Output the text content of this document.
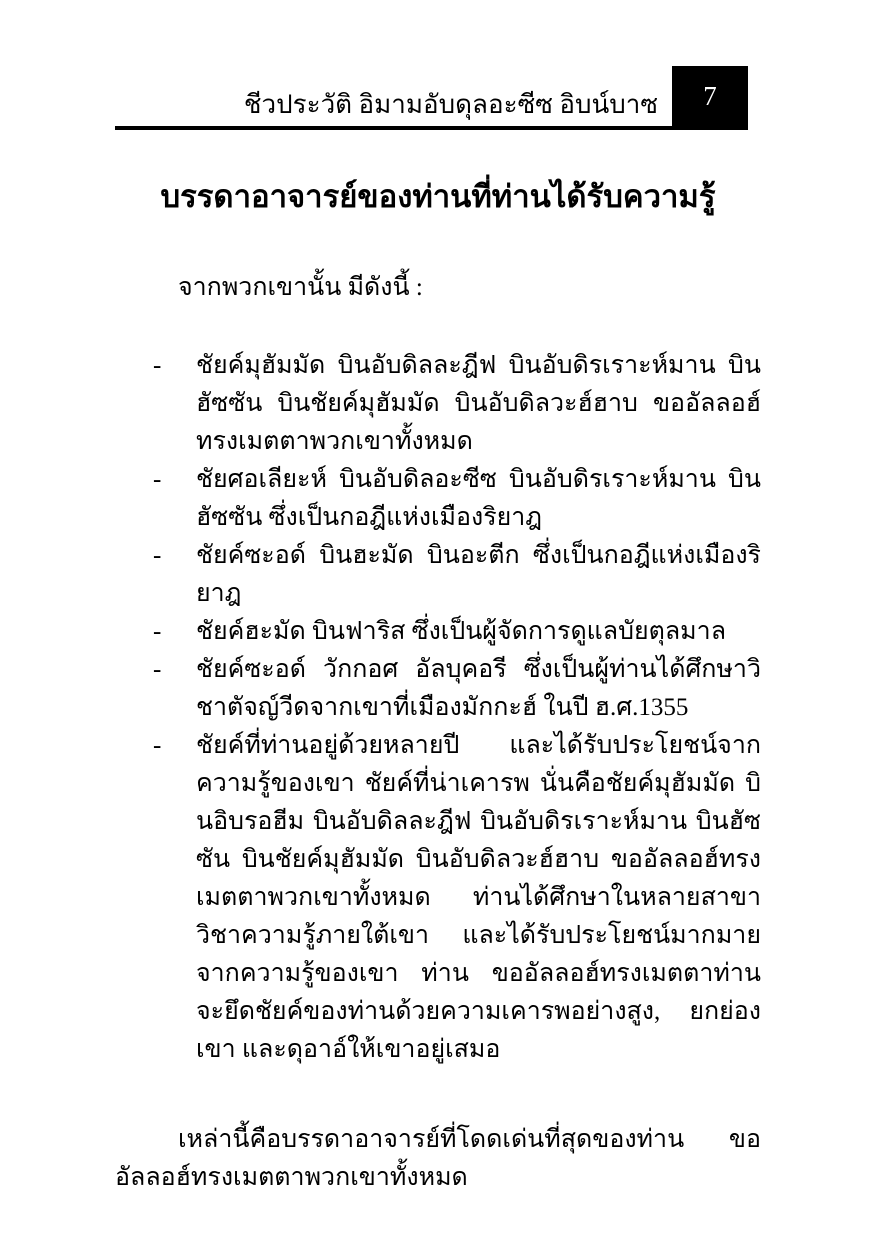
ชีวประวัติ อิมามอับดุลอะซีซ อิบน์บาซ	7
บรรดาอาจารย์ของท่านที่ท่านได้รับความรู้

จากพวกเขานั้น มีดังนี้ :

-	ชัยค์มุฮัมมัด บินอับดิลละฎีฟ บินอับดิรเราะห์มาน บินฮัซซัน บินชัยค์มุฮัมมัด บินอับดิลวะฮ์ฮาบ ขออัลลอฮ์ทรงเมตตาพวกเขาทั้งหมด
-	ชัยศอเลียะห์ บินอับดิลอะซีซ บินอับดิรเราะห์มาน บินฮัซซัน ซึ่งเป็นกอฎีแห่งเมืองริยาฎ
-	ชัยค์ซะอด์ บินฮะมัด บินอะตีก ซึ่งเป็นกอฎีแห่งเมืองริยาฎ
-	ชัยค์ฮะมัด บินฟาริส ซึ่งเป็นผู้จัดการดูแลบัยตุลมาล
-	ชัยค์ซะอด์ วักกอศ อัลบุคอรี ซึ่งเป็นผู้ท่านได้ศึกษาวิชาตัจญ์วีดจากเขาที่เมืองมักกะฮ์ ในปี ฮ.ศ.1355
-	ชัยค์ที่ท่านอยู่ด้วยหลายปี และได้รับประโยชน์จากความรู้ของเขา ชัยค์ที่น่าเคารพ นั่นคือชัยค์มุฮัมมัด บินอิบรอฮีม บินอับดิลละฎีฟ บินอับดิรเราะห์มาน บินฮัซซัน บินชัยค์มุฮัมมัด บินอับดิลวะฮ์ฮาบ ขออัลลอฮ์ทรงเมตตาพวกเขาทั้งหมด ท่านได้ศึกษาในหลายสาขาวิชาความรู้ภายใต้เขา และได้รับประโยชน์มากมายจากความรู้ของเขา ท่าน ขออัลลอฮ์ทรงเมตตาท่าน จะยึดชัยค์ของท่านด้วยความเคารพอย่างสูง, ยกย่องเขา และดุอาอ์ให้เขาอยู่เสมอ

เหล่านี้คือบรรดาอาจารย์ที่โดดเด่นที่สุดของท่าน ขออัลลอฮ์ทรงเมตตาพวกเขาทั้งหมด
